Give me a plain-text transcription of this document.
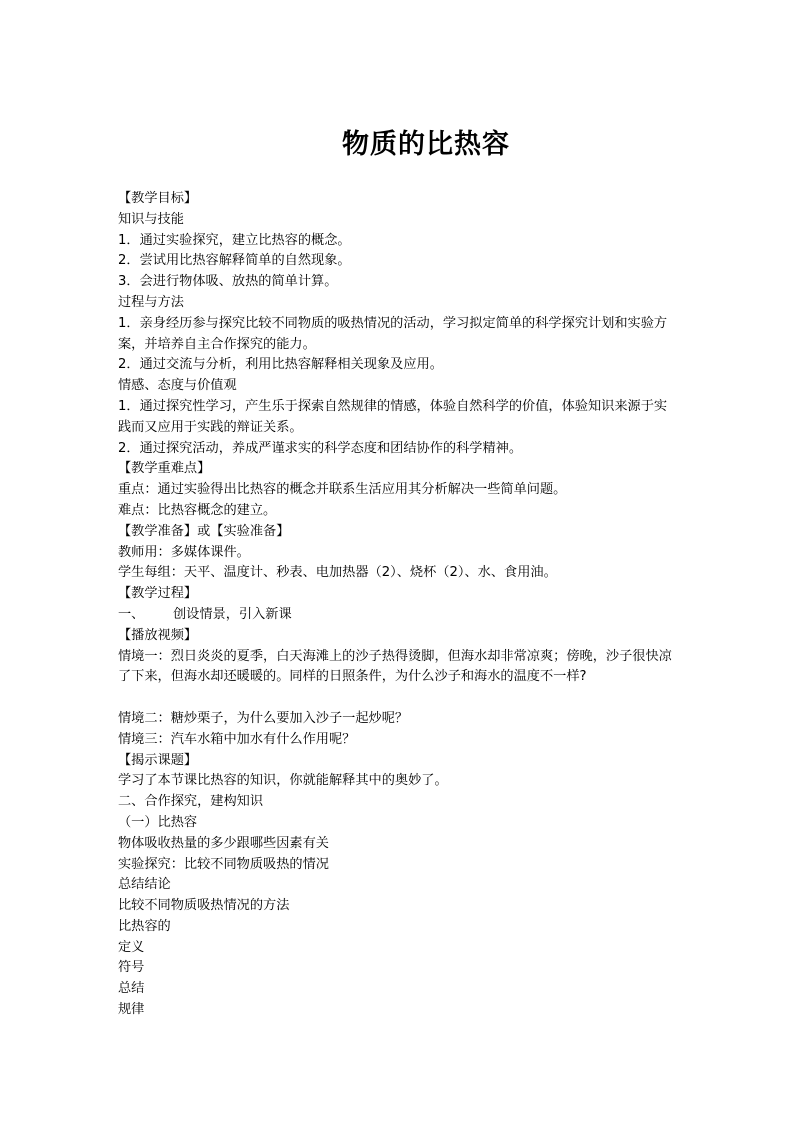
物质的比热容
【教学目标】
知识与技能
1．通过实验探究，建立比热容的概念。
2．尝试用比热容解释简单的自然现象。
3．会进行物体吸、放热的简单计算。
过程与方法
1．亲身经历参与探究比较不同物质的吸热情况的活动，学习拟定简单的科学探究计划和实验方案，并培养自主合作探究的能力。
2．通过交流与分析，利用比热容解释相关现象及应用。
情感、态度与价值观
1．通过探究性学习，产生乐于探索自然规律的情感，体验自然科学的价值，体验知识来源于实践而又应用于实践的辩证关系。
2．通过探究活动，养成严谨求实的科学态度和团结协作的科学精神。
【教学重难点】
重点：通过实验得出比热容的概念并联系生活应用其分析解决一些简单问题。
难点：比热容概念的建立。
【教学准备】或【实验准备】
教师用：多媒体课件。
学生每组：天平、温度计、秒表、电加热器（2）、烧杯（2）、水、食用油。
【教学过程】
一、 创设情景，引入新课
【播放视频】
情境一：烈日炎炎的夏季，白天海滩上的沙子热得烫脚，但海水却非常凉爽；傍晚，沙子很快凉了下来，但海水却还暖暖的。同样的日照条件，为什么沙子和海水的温度不一样?
情境二：糖炒栗子，为什么要加入沙子一起炒呢？
情境三：汽车水箱中加水有什么作用呢？
【揭示课题】
学习了本节课比热容的知识，你就能解释其中的奥妙了。
二、合作探究，建构知识
（一）比热容
物体吸收热量的多少跟哪些因素有关
实验探究：比较不同物质吸热的情况
总结结论
比较不同物质吸热情况的方法
比热容的
定义
符号
总结
规律
